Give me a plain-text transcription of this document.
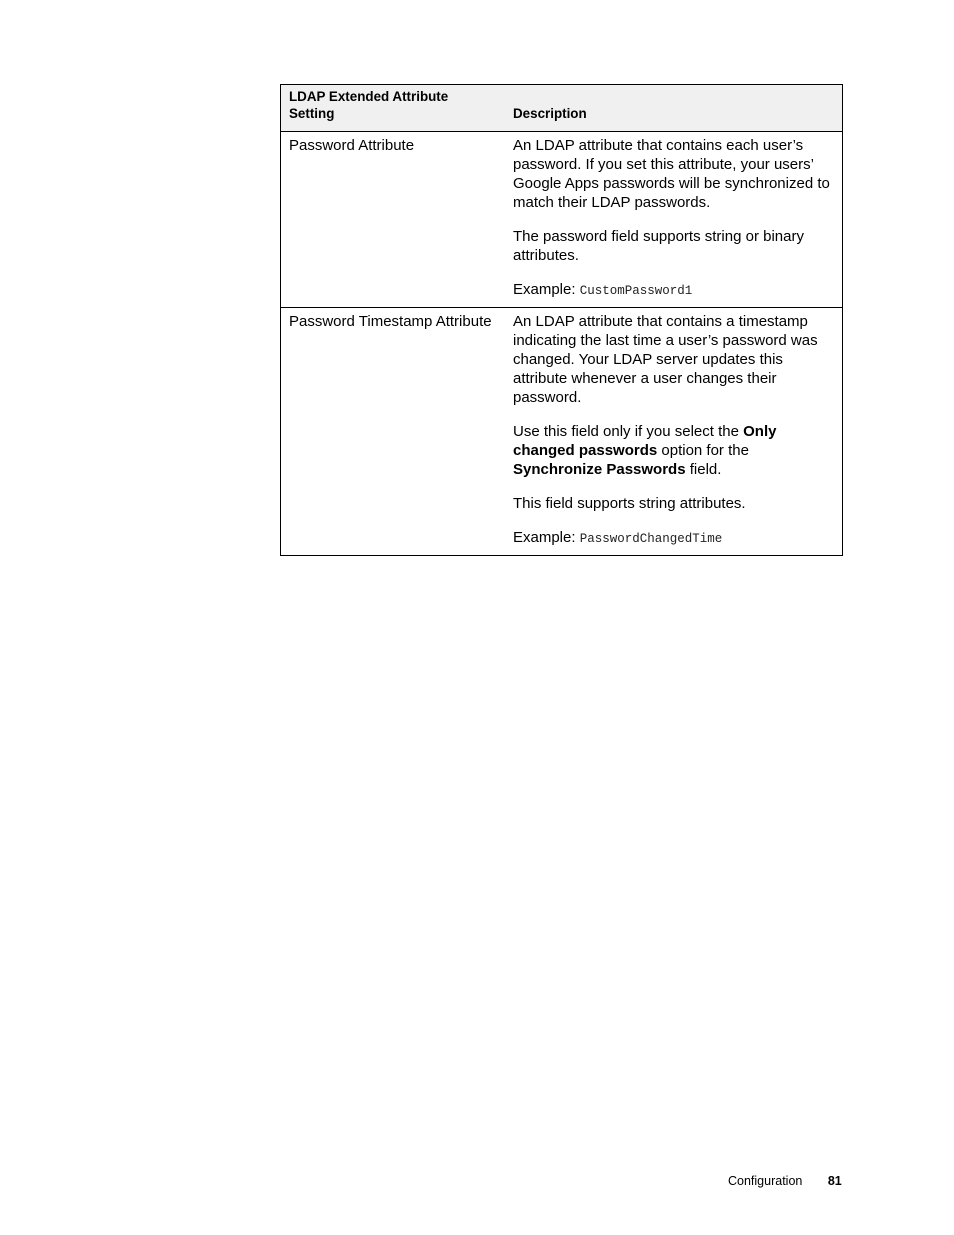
LDAP Extended Attribute Setting	Description
Password Attribute	An LDAP attribute that contains each user’s password. If you set this attribute, your users’ Google Apps passwords will be synchronized to match their LDAP passwords.

The password field supports string or binary attributes.

Example: CustomPassword1

Password Timestamp Attribute	An LDAP attribute that contains a timestamp indicating the last time a user’s password was changed. Your LDAP server updates this attribute whenever a user changes their password.

Use this field only if you select the Only changed passwords option for the Synchronize Passwords field.

This field supports string attributes.

Example: PasswordChangedTime

Configuration 81
